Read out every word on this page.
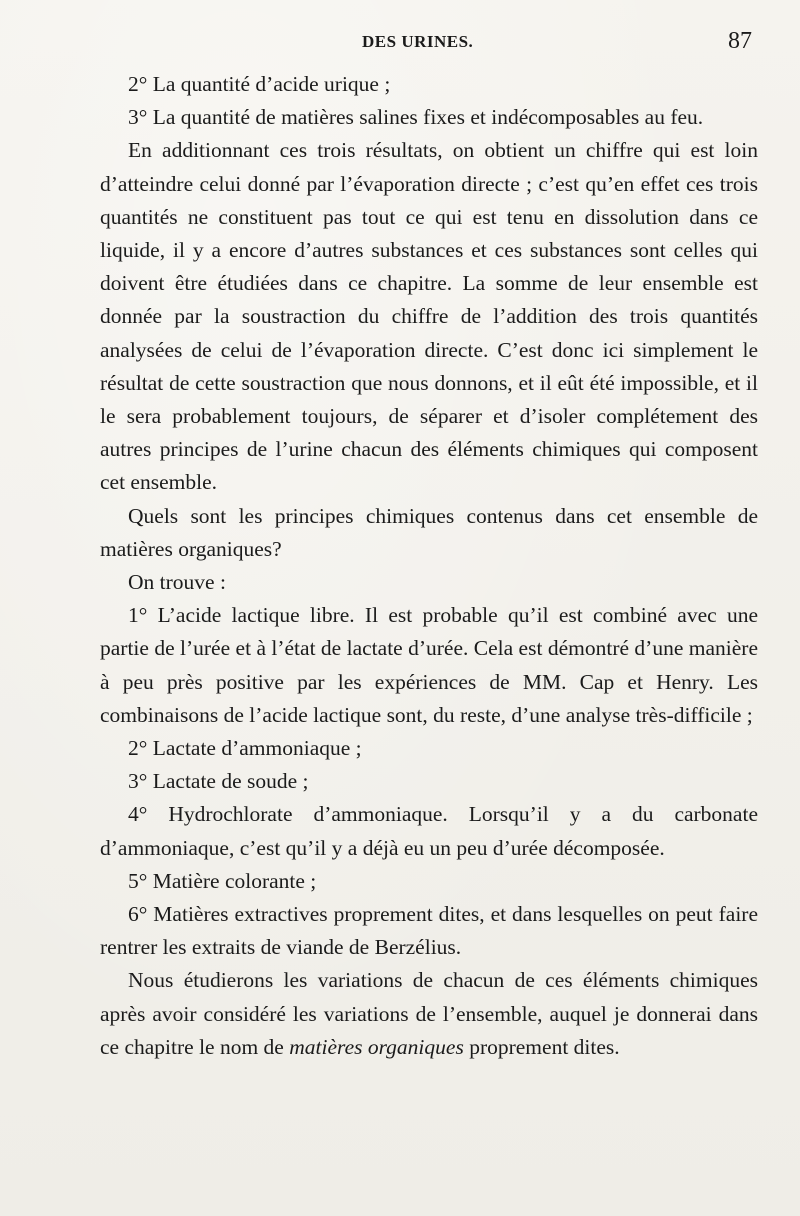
DES URINES.	87

2° La quantité d’acide urique ;

3° La quantité de matières salines fixes et indécomposables au feu.

En additionnant ces trois résultats, on obtient un chiffre qui est loin d’atteindre celui donné par l’évaporation directe ; c’est qu’en effet ces trois quantités ne constituent pas tout ce qui est tenu en dissolution dans ce liquide, il y a encore d’autres substances et ces substances sont celles qui doivent être étudiées dans ce chapitre. La somme de leur ensemble est donnée par la soustraction du chiffre de l’addition des trois quantités analysées de celui de l’évaporation directe. C’est donc ici simplement le résultat de cette soustraction que nous donnons, et il eût été impossible, et il le sera probablement toujours, de séparer et d’isoler complétement des autres principes de l’urine chacun des éléments chimiques qui composent cet ensemble.

Quels sont les principes chimiques contenus dans cet ensemble de matières organiques?

On trouve :

1° L’acide lactique libre. Il est probable qu’il est combiné avec une partie de l’urée et à l’état de lactate d’urée. Cela est démontré d’une manière à peu près positive par les expériences de MM. Cap et Henry. Les combinaisons de l’acide lactique sont, du reste, d’une analyse très-difficile ;

2° Lactate d’ammoniaque ;

3° Lactate de soude ;

4° Hydrochlorate d’ammoniaque. Lorsqu’il y a du carbonate d’ammoniaque, c’est qu’il y a déjà eu un peu d’urée décomposée.

5° Matière colorante ;

6° Matières extractives proprement dites, et dans lesquelles on peut faire rentrer les extraits de viande de Berzélius.

Nous étudierons les variations de chacun de ces éléments chimiques après avoir considéré les variations de l’ensemble, auquel je donnerai dans ce chapitre le nom de matières organiques proprement dites.
